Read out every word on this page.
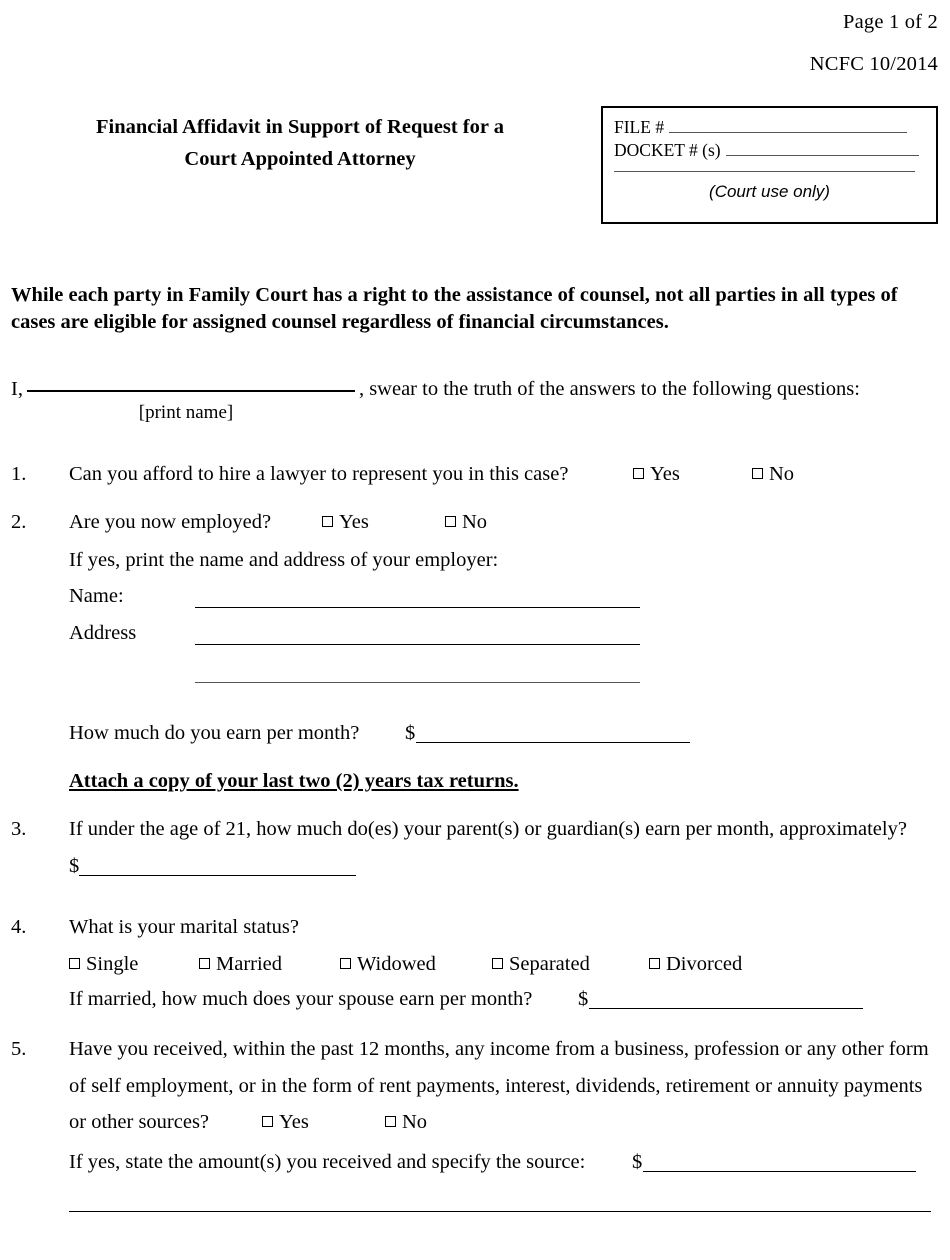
Page 1 of 2
NCFC 10/2014
Financial Affidavit in Support of Request for a
Court Appointed Attorney
FILE #
DOCKET # (s)
(Court use only)
While each party in Family Court has a right to the assistance of counsel, not all parties in all types of cases are eligible for assigned counsel regardless of financial circumstances.
I,	, swear to the truth of the answers to the following questions:
[print name]
1. Can you afford to hire a lawyer to represent you in this case?	Yes	No
2. Are you now employed?	Yes	No
If yes, print the name and address of your employer:
Name:
Address
How much do you earn per month? $
Attach a copy of your last two (2) years tax returns.
3. If under the age of 21, how much do(es) your parent(s) or guardian(s) earn per month, approximately?
$
4. What is your marital status?
Single	Married	Widowed	Separated	Divorced
If married, how much does your spouse earn per month? $
5. Have you received, within the past 12 months, any income from a business, profession or any other form
of self employment, or in the form of rent payments, interest, dividends, retirement or annuity payments
or other sources?	Yes	No
If yes, state the amount(s) you received and specify the source: $
